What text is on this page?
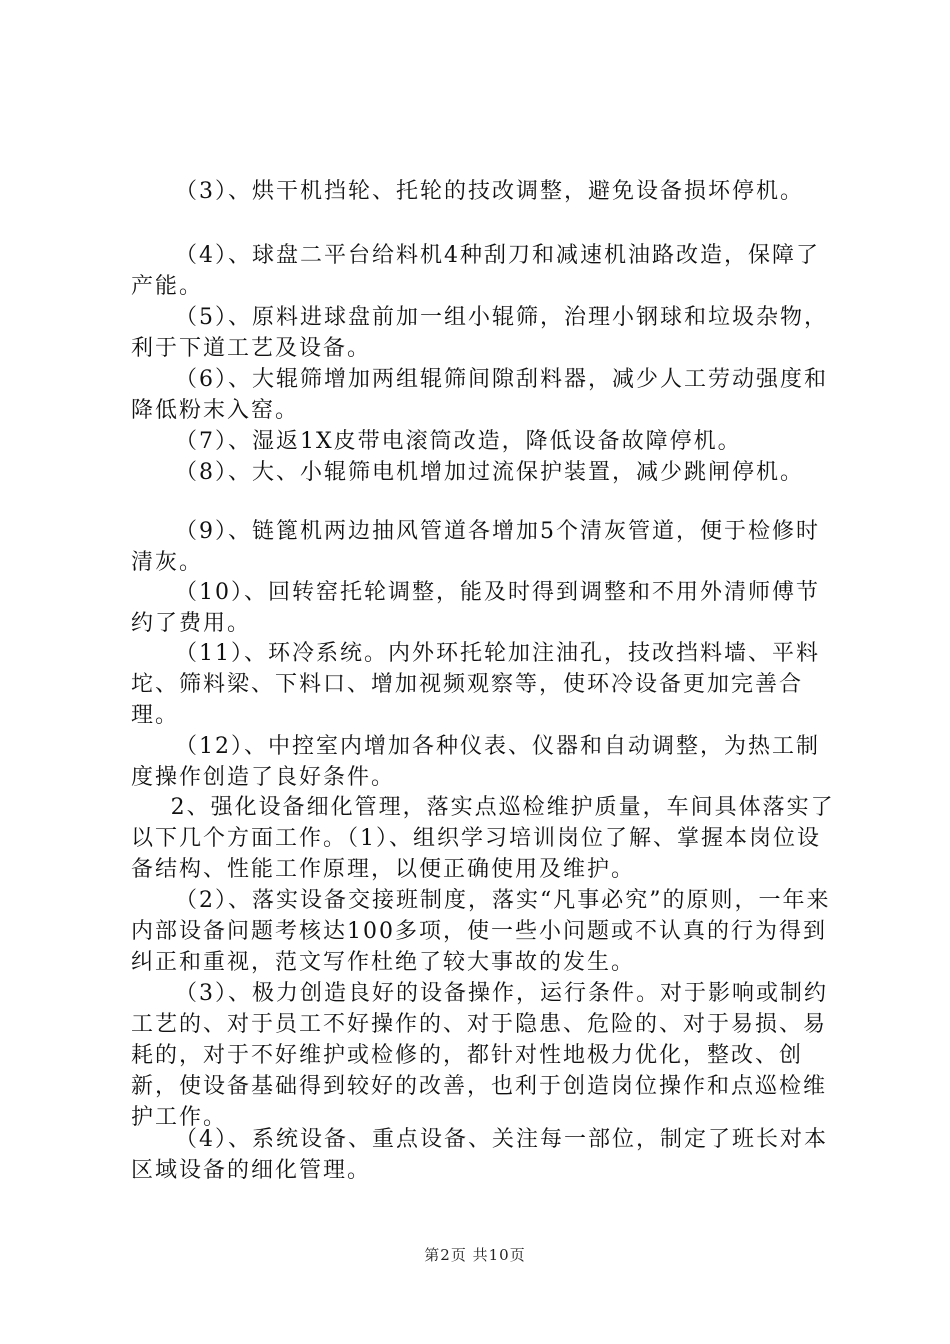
（3）、烘干机挡轮、托轮的技改调整，避免设备损坏停机。

（4）、球盘二平台给料机4种刮刀和减速机油路改造，保障了产能。

（5）、原料进球盘前加一组小辊筛，治理小钢球和垃圾杂物，利于下道工艺及设备。

（6）、大辊筛增加两组辊筛间隙刮料器，减少人工劳动强度和降低粉末入窑。

（7）、湿返1X皮带电滚筒改造，降低设备故障停机。

（8）、大、小辊筛电机增加过流保护装置，减少跳闸停机。

（9）、链篦机两边抽风管道各增加5个清灰管道，便于检修时清灰。

（10）、回转窑托轮调整，能及时得到调整和不用外清师傅节约了费用。

（11）、环冷系统。内外环托轮加注油孔，技改挡料墙、平料坨、筛料梁、下料口、增加视频观察等，使环冷设备更加完善合理。

（12）、中控室内增加各种仪表、仪器和自动调整，为热工制度操作创造了良好条件。

2、强化设备细化管理，落实点巡检维护质量，车间具体落实了以下几个方面工作。（1）、组织学习培训岗位了解、掌握本岗位设备结构、性能工作原理，以便正确使用及维护。

（2）、落实设备交接班制度，落实“凡事必究”的原则，一年来内部设备问题考核达100多项，使一些小问题或不认真的行为得到纠正和重视，范文写作杜绝了较大事故的发生。

（3）、极力创造良好的设备操作，运行条件。对于影响或制约工艺的、对于员工不好操作的、对于隐患、危险的、对于易损、易耗的，对于不好维护或检修的，都针对性地极力优化，整改、创新，使设备基础得到较好的改善，也利于创造岗位操作和点巡检维护工作。

（4）、系统设备、重点设备、关注每一部位，制定了班长对本区域设备的细化管理。

第2页 共10页
